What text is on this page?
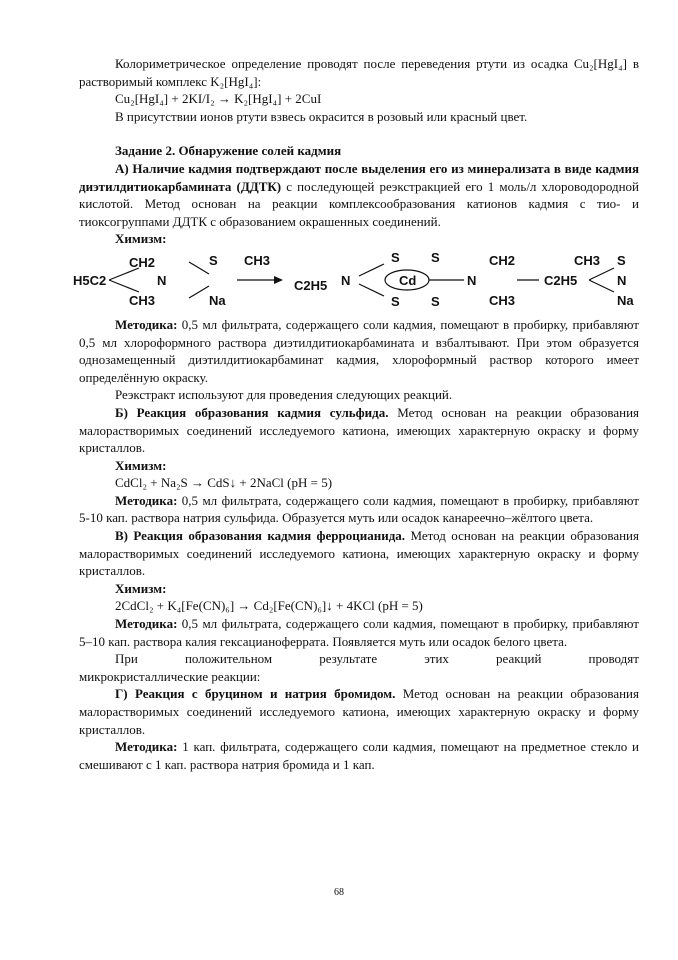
Колориметрическое определение проводят после переведения ртути из осадка Cu₂[HgI₄] в растворимый комплекс K₂[HgI₄]:

Cu₂[HgI₄] + 2KI/I₂ → K₂[HgI₄] + 2CuI

В присутствии ионов ртути взвесь окрасится в розовый или красный цвет.

Задание 2. Обнаружение солей кадмия

А) Наличие кадмия подтверждают после выделения его из минерализата в виде кадмия диэтилдитиокарбамината (ДДТК) с последующей реэкстракцией его 1 моль/л хлороводородной кислотой. Метод основан на реакции комплексообразования катионов кадмия с тио- и тиоксогруппами ДДТК с образованием окрашенных соединений.

Химизм:

H5C2
CH2
CH3
N
S
Na
CH3
C2H5 N
S
S
Cd
S
S
N
CH2
CH3
C2H5
CH3 S
N
Na

Методика: 0,5 мл фильтрата, содержащего соли кадмия, помещают в пробирку, прибавляют 0,5 мл хлороформного раствора диэтилдитиокарбамината и взбалтывают. При этом образуется однозамещенный диэтилдитиокарбаминат кадмия, хлороформный раствор которого имеет определённую окраску.

Реэкстракт используют для проведения следующих реакций.

Б) Реакция образования кадмия сульфида. Метод основан на реакции образования малорастворимых соединений исследуемого катиона, имеющих характерную окраску и форму кристаллов.

Химизм:

CdCl₂ + Na₂S → CdS↓ + 2NaCl (pH = 5)

Методика: 0,5 мл фильтрата, содержащего соли кадмия, помещают в пробирку, прибавляют 5-10 кап. раствора натрия сульфида. Образуется муть или осадок канареечно–жёлтого цвета.

В) Реакция образования кадмия ферроцианида. Метод основан на реакции образования малорастворимых соединений исследуемого катиона, имеющих характерную окраску и форму кристаллов.

Химизм:

2CdCl₂ + K₄[Fe(CN)₆] → Cd₂[Fe(CN)₆]↓ + 4KCl (pH = 5)

Методика: 0,5 мл фильтрата, содержащего соли кадмия, помещают в пробирку, прибавляют 5–10 кап. раствора калия гексацианоферрата. Появляется муть или осадок белого цвета.

При	положительном	результате	этих	реакций	проводят
микрокристаллические реакции:

Г) Реакция с бруцином и натрия бромидом. Метод основан на реакции образования малорастворимых соединений исследуемого катиона, имеющих характерную окраску и форму кристаллов.

Методика: 1 кап. фильтрата, содержащего соли кадмия, помещают на предметное стекло и смешивают с 1 кап. раствора натрия бромида и 1 кап.

68
